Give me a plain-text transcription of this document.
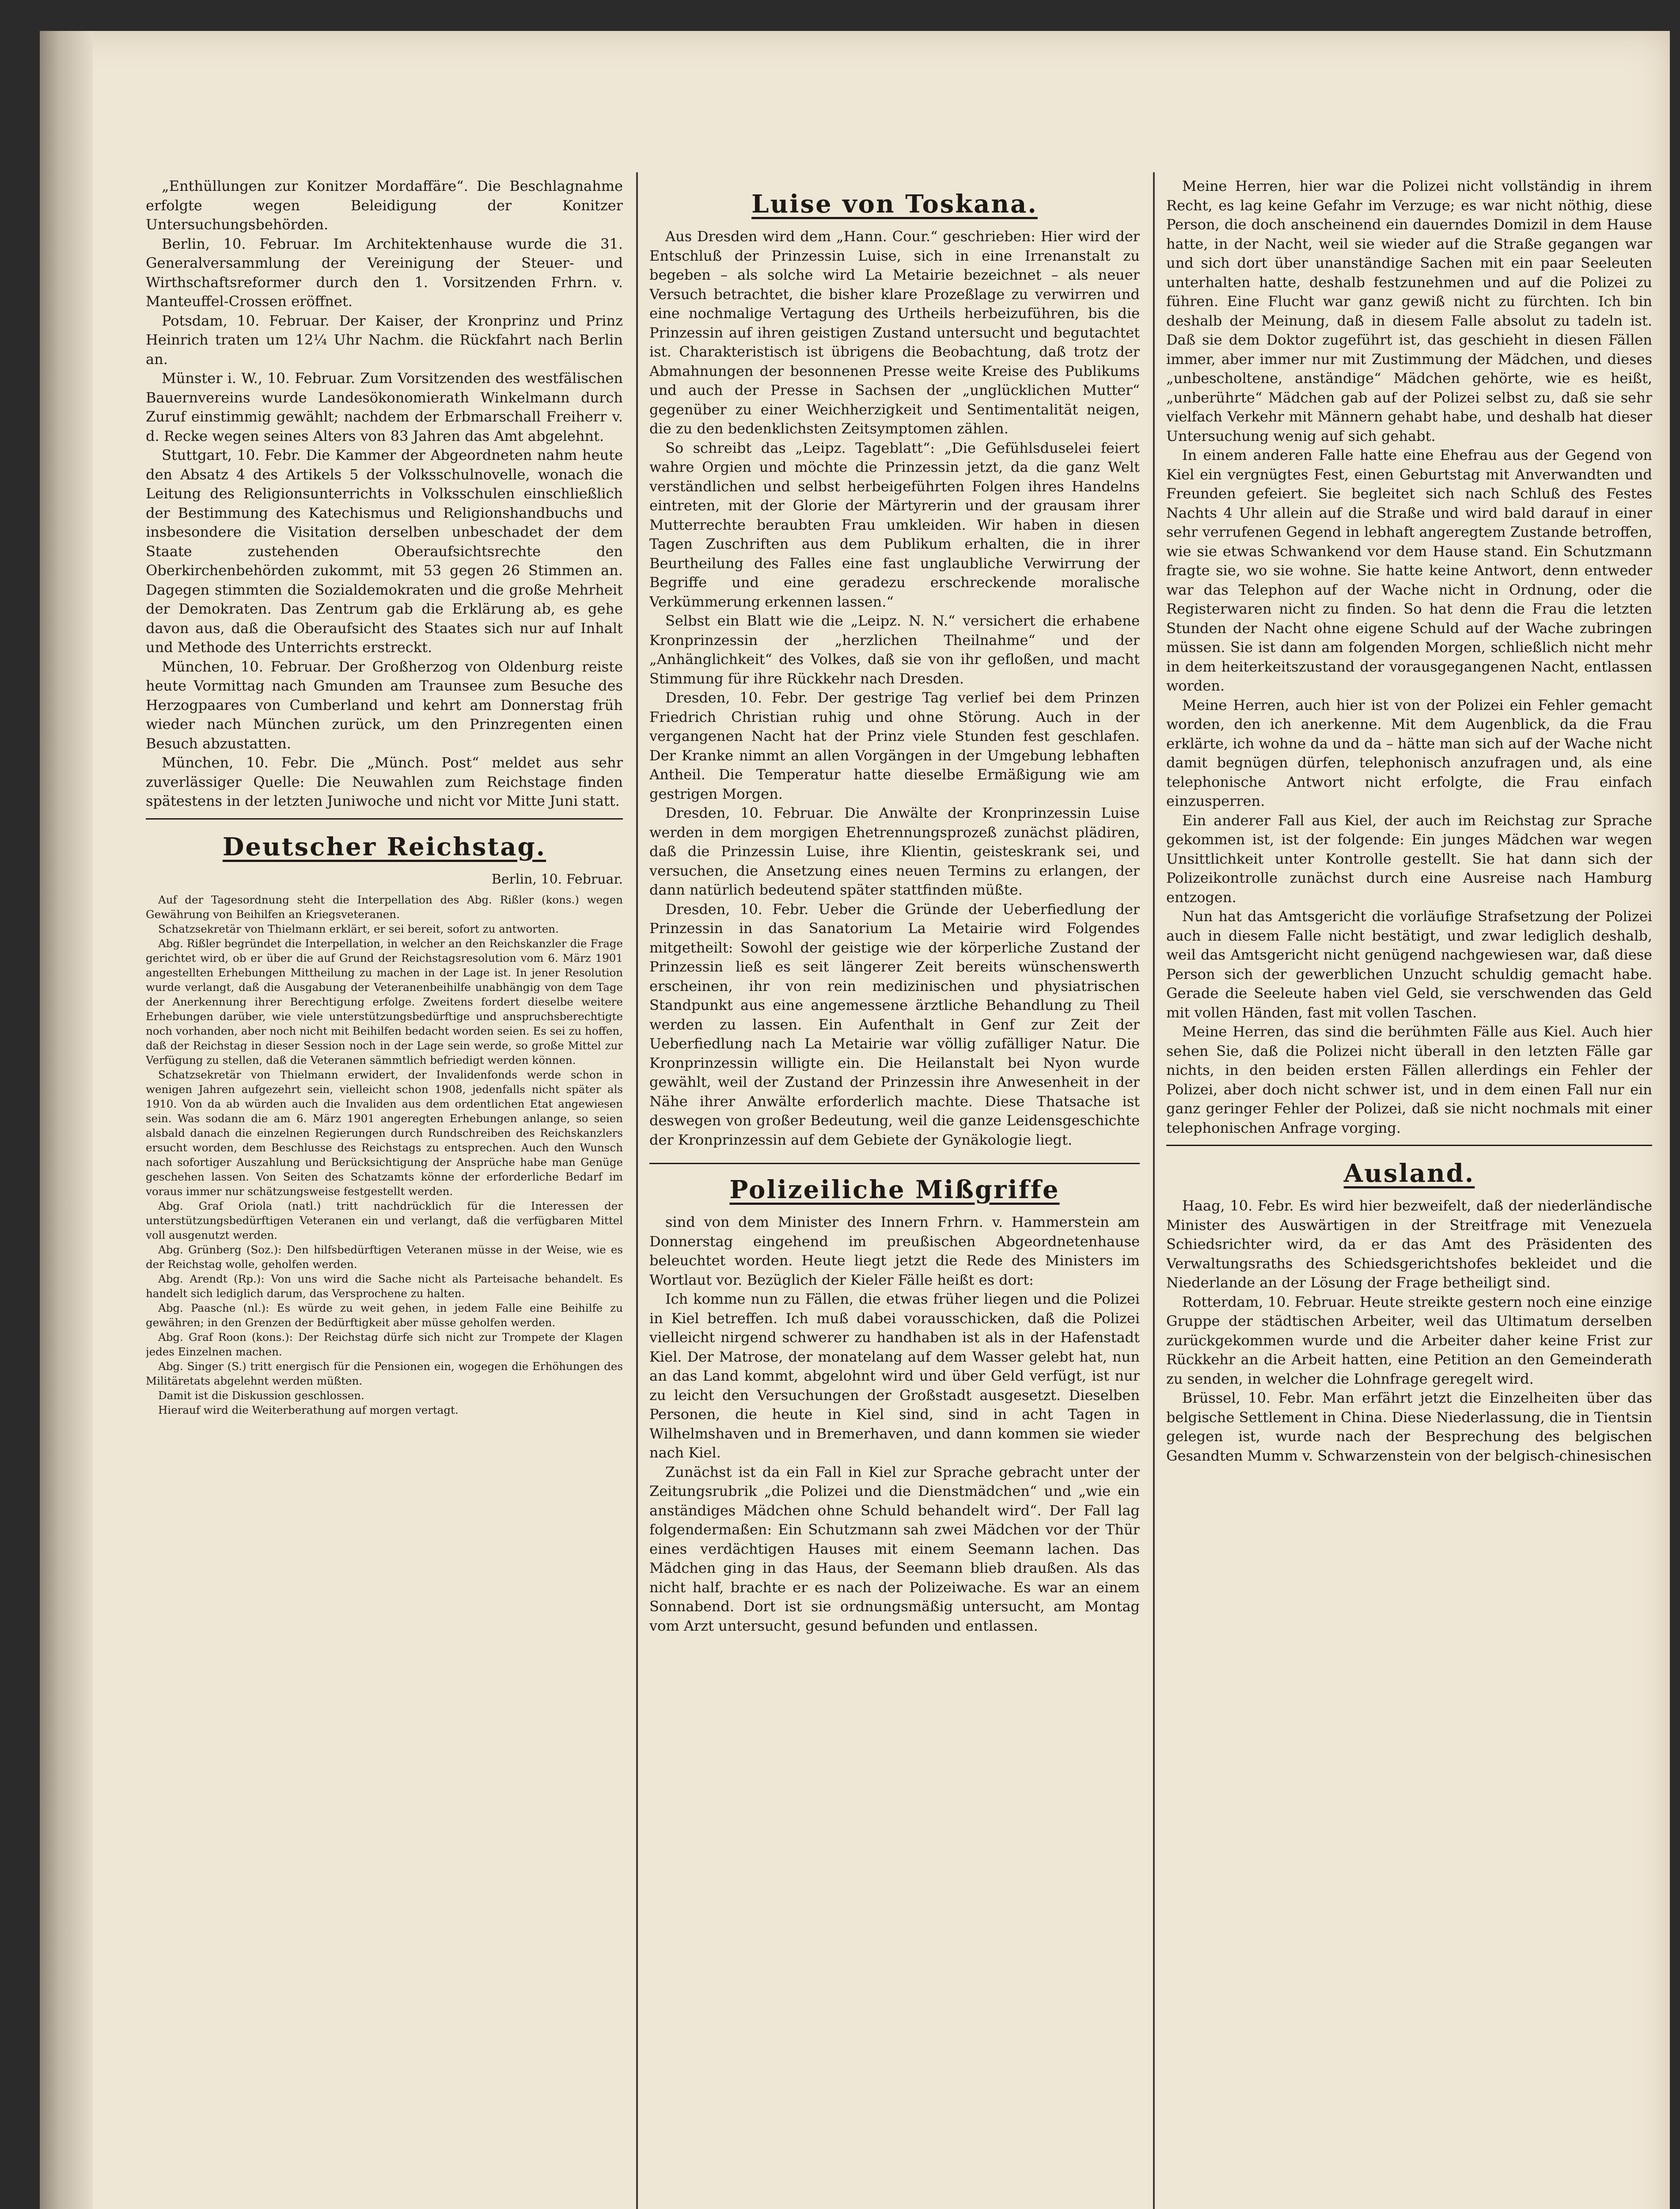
„Enthüllungen zur Konitzer Mordaffäre“. Die Beschlagnahme erfolgte wegen Beleidigung der Konitzer Untersuchungsbehörden.

Berlin, 10. Februar. Im Architektenhause wurde die 31. Generalversammlung der Vereinigung der Steuer- und Wirthschaftsreformer durch den 1. Vorsitzenden Frhrn. v. Manteuffel-Crossen eröffnet.

Potsdam, 10. Februar. Der Kaiser, der Kronprinz und Prinz Heinrich traten um 12¼ Uhr Nachm. die Rückfahrt nach Berlin an.

Münster i. W., 10. Februar. Zum Vorsitzenden des westfälischen Bauernvereins wurde Landesökonomierath Winkelmann durch Zuruf einstimmig gewählt; nachdem der Erbmarschall Freiherr v. d. Recke wegen seines Alters von 83 Jahren das Amt abgelehnt.

Stuttgart, 10. Febr. Die Kammer der Abgeordneten nahm heute den Absatz 4 des Artikels 5 der Volksschulnovelle, wonach die Leitung des Religionsunterrichts in Volksschulen einschließlich der Bestimmung des Katechismus und Religionshandbuchs und insbesondere die Visitation derselben unbeschadet der dem Staate zustehenden Oberaufsichtsrechte den Oberkirchenbehörden zukommt, mit 53 gegen 26 Stimmen an. Dagegen stimmten die Sozialdemokraten und die große Mehrheit der Demokraten. Das Zentrum gab die Erklärung ab, es gehe davon aus, daß die Oberaufsicht des Staates sich nur auf Inhalt und Methode des Unterrichts erstreckt.

München, 10. Februar. Der Großherzog von Oldenburg reiste heute Vormittag nach Gmunden am Traunsee zum Besuche des Herzogpaares von Cumberland und kehrt am Donnerstag früh wieder nach München zurück, um den Prinzregenten einen Besuch abzustatten.

München, 10. Febr. Die „Münch. Post“ meldet aus sehr zuverlässiger Quelle: Die Neuwahlen zum Reichstage finden spätestens in der letzten Juniwoche und nicht vor Mitte Juni statt.

Deutscher Reichstag.
Berlin, 10. Februar.

Auf der Tagesordnung steht die Interpellation des Abg. Rißler (kons.) wegen Gewährung von Beihilfen an Kriegsveteranen.

Schatzsekretär von Thielmann erklärt, er sei bereit, sofort zu antworten.

Abg. Rißler begründet die Interpellation, in welcher an den Reichskanzler die Frage gerichtet wird, ob er über die auf Grund der Reichstagsresolution vom 6. März 1901 angestellten Erhebungen Mittheilung zu machen in der Lage ist. In jener Resolution wurde verlangt, daß die Ausgabung der Veteranenbeihilfe unabhängig von dem Tage der Anerkennung ihrer Berechtigung erfolge. Zweitens fordert dieselbe weitere Erhebungen darüber, wie viele unterstützungsbedürftige und anspruchsberechtigte noch vorhanden, aber noch nicht mit Beihilfen bedacht worden seien. Es sei zu hoffen, daß der Reichstag in dieser Session noch in der Lage sein werde, so große Mittel zur Verfügung zu stellen, daß die Veteranen sämmtlich befriedigt werden können.

Schatzsekretär von Thielmann erwidert, der Invalidenfonds werde schon in wenigen Jahren aufgezehrt sein, vielleicht schon 1908, jedenfalls nicht später als 1910. Von da ab würden auch die Invaliden aus dem ordentlichen Etat angewiesen sein. Was sodann die am 6. März 1901 angeregten Erhebungen anlange, so seien alsbald danach die einzelnen Regierungen durch Rundschreiben des Reichskanzlers ersucht worden, dem Beschlusse des Reichstags zu entsprechen. Auch den Wunsch nach sofortiger Auszahlung und Berücksichtigung der Ansprüche habe man Genüge geschehen lassen. Von Seiten des Schatzamts könne der erforderliche Bedarf im voraus immer nur schätzungsweise festgestellt werden.

Abg. Graf Oriola (natl.) tritt nachdrücklich für die Interessen der unterstützungsbedürftigen Veteranen ein und verlangt, daß die verfügbaren Mittel voll ausgenutzt werden.

Abg. Grünberg (Soz.): Den hilfsbedürftigen Veteranen müsse in der Weise, wie es der Reichstag wolle, geholfen werden.

Abg. Arendt (Rp.): Von uns wird die Sache nicht als Parteisache behandelt. Es handelt sich lediglich darum, das Versprochene zu halten.

Abg. Paasche (nl.): Es würde zu weit gehen, in jedem Falle eine Beihilfe zu gewähren; in den Grenzen der Bedürftigkeit aber müsse geholfen werden.

Abg. Graf Roon (kons.): Der Reichstag dürfe sich nicht zur Trompete der Klagen jedes Einzelnen machen.

Abg. Singer (S.) tritt energisch für die Pensionen ein, wogegen die Erhöhungen des Militäretats abgelehnt werden müßten.

Damit ist die Diskussion geschlossen.

Hierauf wird die Weiterberathung auf morgen vertagt.

Luise von Toskana.

Aus Dresden wird dem „Hann. Cour.“ geschrieben: Hier wird der Entschluß der Prinzessin Luise, sich in eine Irrenanstalt zu begeben – als solche wird La Metairie bezeichnet – als neuer Versuch betrachtet, die bisher klare Prozeßlage zu verwirren und eine nochmalige Vertagung des Urtheils herbeizuführen, bis die Prinzessin auf ihren geistigen Zustand untersucht und begutachtet ist. Charakteristisch ist übrigens die Beobachtung, daß trotz der Abmahnungen der besonnenen Presse weite Kreise des Publikums und auch der Presse in Sachsen der „unglücklichen Mutter“ gegenüber zu einer Weichherzigkeit und Sentimentalität neigen, die zu den bedenklichsten Zeitsymptomen zählen.

So schreibt das „Leipz. Tageblatt“: „Die Gefühlsduselei feiert wahre Orgien und möchte die Prinzessin jetzt, da die ganz Welt verständlichen und selbst herbeigeführten Folgen ihres Handelns eintreten, mit der Glorie der Märtyrerin und der grausam ihrer Mutterrechte beraubten Frau umkleiden. Wir haben in diesen Tagen Zuschriften aus dem Publikum erhalten, die in ihrer Beurtheilung des Falles eine fast unglaubliche Verwirrung der Begriffe und eine geradezu erschreckende moralische Verkümmerung erkennen lassen.“

Selbst ein Blatt wie die „Leipz. N. N.“ versichert die erhabene Kronprinzessin der „herzlichen Theilnahme“ und der „Anhänglichkeit“ des Volkes, daß sie von ihr gefloßen, und macht Stimmung für ihre Rückkehr nach Dresden.

Dresden, 10. Febr. Der gestrige Tag verlief bei dem Prinzen Friedrich Christian ruhig und ohne Störung. Auch in der vergangenen Nacht hat der Prinz viele Stunden fest geschlafen. Der Kranke nimmt an allen Vorgängen in der Umgebung lebhaften Antheil. Die Temperatur hatte dieselbe Ermäßigung wie am gestrigen Morgen.

Dresden, 10. Februar. Die Anwälte der Kronprinzessin Luise werden in dem morgigen Ehetrennungsprozeß zunächst plädiren, daß die Prinzessin Luise, ihre Klientin, geisteskrank sei, und versuchen, die Ansetzung eines neuen Termins zu erlangen, der dann natürlich bedeutend später stattfinden müßte.

Dresden, 10. Febr. Ueber die Gründe der Ueberfiedlung der Prinzessin in das Sanatorium La Metairie wird Folgendes mitgetheilt: Sowohl der geistige wie der körperliche Zustand der Prinzessin ließ es seit längerer Zeit bereits wünschenswerth erscheinen, ihr von rein medizinischen und physiatrischen Standpunkt aus eine angemessene ärztliche Behandlung zu Theil werden zu lassen. Ein Aufenthalt in Genf zur Zeit der Ueberfiedlung nach La Metairie war völlig zufälliger Natur. Die Kronprinzessin willigte ein. Die Heilanstalt bei Nyon wurde gewählt, weil der Zustand der Prinzessin ihre Anwesenheit in der Nähe ihrer Anwälte erforderlich machte. Diese Thatsache ist deswegen von großer Bedeutung, weil die ganze Leidensgeschichte der Kronprinzessin auf dem Gebiete der Gynäkologie liegt.

Polizeiliche Mißgriffe

sind von dem Minister des Innern Frhrn. v. Hammerstein am Donnerstag eingehend im preußischen Abgeordnetenhause beleuchtet worden. Heute liegt jetzt die Rede des Ministers im Wortlaut vor. Bezüglich der Kieler Fälle heißt es dort:

Ich komme nun zu Fällen, die etwas früher liegen und die Polizei in Kiel betreffen. Ich muß dabei vorausschicken, daß die Polizei vielleicht nirgend schwerer zu handhaben ist als in der Hafenstadt Kiel. Der Matrose, der monatelang auf dem Wasser gelebt hat, nun an das Land kommt, abgelohnt wird und über Geld verfügt, ist nur zu leicht den Versuchungen der Großstadt ausgesetzt. Dieselben Personen, die heute in Kiel sind, sind in acht Tagen in Wilhelmshaven und in Bremerhaven, und dann kommen sie wieder nach Kiel.

Zunächst ist da ein Fall in Kiel zur Sprache gebracht unter der Zeitungsrubrik „die Polizei und die Dienstmädchen“ und „wie ein anständiges Mädchen ohne Schuld behandelt wird“. Der Fall lag folgendermaßen: Ein Schutzmann sah zwei Mädchen vor der Thür eines verdächtigen Hauses mit einem Seemann lachen. Das Mädchen ging in das Haus, der Seemann blieb draußen. Als das nicht half, brachte er es nach der Polizeiwache. Es war an einem Sonnabend. Dort ist sie ordnungsmäßig untersucht, am Montag vom Arzt untersucht, gesund befunden und entlassen.

Meine Herren, hier war die Polizei nicht vollständig in ihrem Recht, es lag keine Gefahr im Verzuge; es war nicht nöthig, diese Person, die doch anscheinend ein dauerndes Domizil in dem Hause hatte, in der Nacht, weil sie wieder auf die Straße gegangen war und sich dort über unanständige Sachen mit ein paar Seeleuten unterhalten hatte, deshalb festzunehmen und auf die Polizei zu führen. Eine Flucht war ganz gewiß nicht zu fürchten. Ich bin deshalb der Meinung, daß in diesem Falle absolut zu tadeln ist. Daß sie dem Doktor zugeführt ist, das geschieht in diesen Fällen immer, aber immer nur mit Zustimmung der Mädchen, und dieses „unbescholtene, anständige“ Mädchen gehörte, wie es heißt, „unberührte“ Mädchen gab auf der Polizei selbst zu, daß sie sehr vielfach Verkehr mit Männern gehabt habe, und deshalb hat dieser Untersuchung wenig auf sich gehabt.

In einem anderen Falle hatte eine Ehefrau aus der Gegend von Kiel ein vergnügtes Fest, einen Geburtstag mit Anverwandten und Freunden gefeiert. Sie begleitet sich nach Schluß des Festes Nachts 4 Uhr allein auf die Straße und wird bald darauf in einer sehr verrufenen Gegend in lebhaft angeregtem Zustande betroffen, wie sie etwas Schwankend vor dem Hause stand. Ein Schutzmann fragte sie, wo sie wohne. Sie hatte keine Antwort, denn entweder war das Telephon auf der Wache nicht in Ordnung, oder die Registerwaren nicht zu finden. So hat denn die Frau die letzten Stunden der Nacht ohne eigene Schuld auf der Wache zubringen müssen. Sie ist dann am folgenden Morgen, schließlich nicht mehr in dem heiterkeitszustand der vorausgegangenen Nacht, entlassen worden.

Meine Herren, auch hier ist von der Polizei ein Fehler gemacht worden, den ich anerkenne. Mit dem Augenblick, da die Frau erklärte, ich wohne da und da – hätte man sich auf der Wache nicht damit begnügen dürfen, telephonisch anzufragen und, als eine telephonische Antwort nicht erfolgte, die Frau einfach einzusperren.

Ein anderer Fall aus Kiel, der auch im Reichstag zur Sprache gekommen ist, ist der folgende: Ein junges Mädchen war wegen Unsittlichkeit unter Kontrolle gestellt. Sie hat dann sich der Polizeikontrolle zunächst durch eine Ausreise nach Hamburg entzogen.

Nun hat das Amtsgericht die vorläufige Strafsetzung der Polizei auch in diesem Falle nicht bestätigt, und zwar lediglich deshalb, weil das Amtsgericht nicht genügend nachgewiesen war, daß diese Person sich der gewerblichen Unzucht schuldig gemacht habe. Gerade die Seeleute haben viel Geld, sie verschwenden das Geld mit vollen Händen, fast mit vollen Taschen.

Meine Herren, das sind die berühmten Fälle aus Kiel. Auch hier sehen Sie, daß die Polizei nicht überall in den letzten Fälle gar nichts, in den beiden ersten Fällen allerdings ein Fehler der Polizei, aber doch nicht schwer ist, und in dem einen Fall nur ein ganz geringer Fehler der Polizei, daß sie nicht nochmals mit einer telephonischen Anfrage vorging.

Ausland.

Haag, 10. Febr. Es wird hier bezweifelt, daß der niederländische Minister des Auswärtigen in der Streitfrage mit Venezuela Schiedsrichter wird, da er das Amt des Präsidenten des Verwaltungsraths des Schiedsgerichtshofes bekleidet und die Niederlande an der Lösung der Frage betheiligt sind.

Rotterdam, 10. Februar. Heute streikte gestern noch eine einzige Gruppe der städtischen Arbeiter, weil das Ultimatum derselben zurückgekommen wurde und die Arbeiter daher keine Frist zur Rückkehr an die Arbeit hatten, eine Petition an den Gemeinderath zu senden, in welcher die Lohnfrage geregelt wird.

Brüssel, 10. Febr. Man erfährt jetzt die Einzelheiten über das belgische Settlement in China. Diese Niederlassung, die in Tientsin gelegen ist, wurde nach der Besprechung des belgischen Gesandten Mumm v. Schwarzenstein von der belgisch-chinesischen
